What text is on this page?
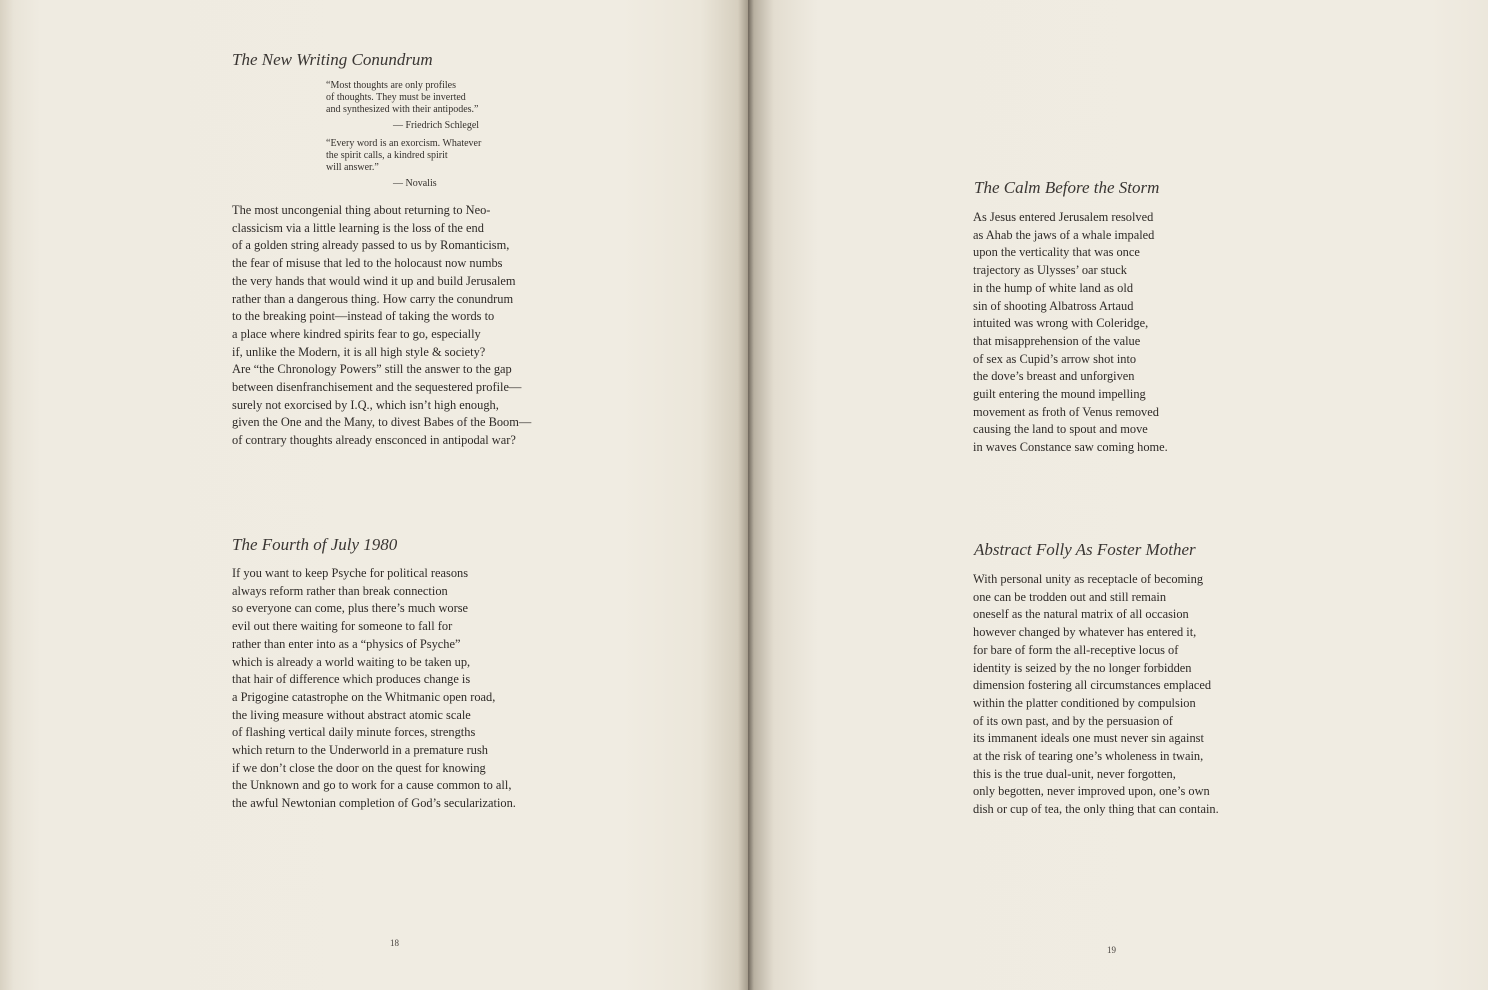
The New Writing Conundrum
“Most thoughts are only profiles
of thoughts. They must be inverted
and synthesized with their antipodes.”

— Friedrich Schlegel

“Every word is an exorcism. Whatever
the spirit calls, a kindred spirit
will answer.”

— Novalis

The most uncongenial thing about returning to Neo-
classicism via a little learning is the loss of the end
of a golden string already passed to us by Romanticism,
the fear of misuse that led to the holocaust now numbs
the very hands that would wind it up and build Jerusalem
rather than a dangerous thing. How carry the conundrum
to the breaking point—instead of taking the words to
a place where kindred spirits fear to go, especially
if, unlike the Modern, it is all high style & society?
Are “the Chronology Powers” still the answer to the gap
between disenfranchisement and the sequestered profile—
surely not exorcised by I.Q., which isn’t high enough,
given the One and the Many, to divest Babes of the Boom—
of contrary thoughts already ensconced in antipodal war?
The Fourth of July 1980
If you want to keep Psyche for political reasons
always reform rather than break connection
so everyone can come, plus there’s much worse
evil out there waiting for someone to fall for
rather than enter into as a “physics of Psyche”
which is already a world waiting to be taken up,
that hair of difference which produces change is
a Prigogine catastrophe on the Whitmanic open road,
the living measure without abstract atomic scale
of flashing vertical daily minute forces, strengths
which return to the Underworld in a premature rush
if we don’t close the door on the quest for knowing
the Unknown and go to work for a cause common to all,
the awful Newtonian completion of God’s secularization.

18

The Calm Before the Storm
As Jesus entered Jerusalem resolved
as Ahab the jaws of a whale impaled
upon the verticality that was once
trajectory as Ulysses’ oar stuck
in the hump of white land as old
sin of shooting Albatross Artaud
intuited was wrong with Coleridge,
that misapprehension of the value
of sex as Cupid’s arrow shot into
the dove’s breast and unforgiven
guilt entering the mound impelling
movement as froth of Venus removed
causing the land to spout and move
in waves Constance saw coming home.
Abstract Folly As Foster Mother
With personal unity as receptacle of becoming
one can be trodden out and still remain
oneself as the natural matrix of all occasion
however changed by whatever has entered it,
for bare of form the all-receptive locus of
identity is seized by the no longer forbidden
dimension fostering all circumstances emplaced
within the platter conditioned by compulsion
of its own past, and by the persuasion of
its immanent ideals one must never sin against
at the risk of tearing one’s wholeness in twain,
this is the true dual-unit, never forgotten,
only begotten, never improved upon, one’s own
dish or cup of tea, the only thing that can contain.

19
